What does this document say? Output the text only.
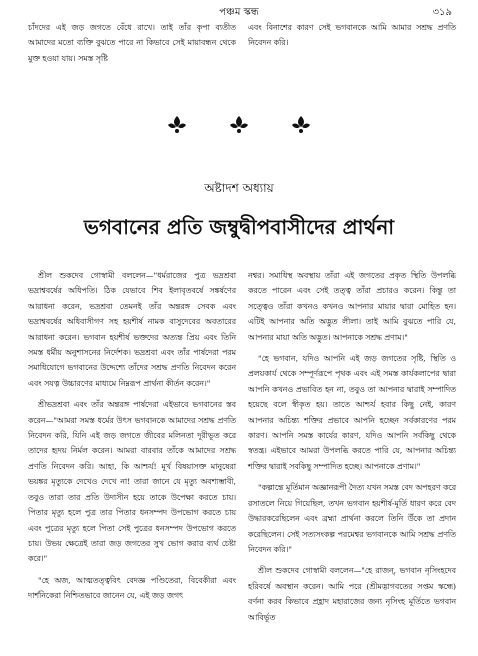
পঞ্চম স্কন্ধ	৩১৯

চাঁদদের এই জড় জগতে বেঁধে রাখে। তাই তাঁর কৃপা ব্যতীত আমাদের মতো ব্যক্তি বুঝতে পারে না কিভাবে সেই মায়াবন্ধন থেকে মুক্ত হওয়া যায়। সমস্ত সৃষ্টি

এবং বিনাশের কারণ সেই ভগবানকে আমি আমার সশ্রদ্ধ প্রণতি নিবেদন করি।

অষ্টাদশ অধ্যায়
ভগবানের প্রতি জম্বুদ্বীপবাসীদের প্রার্থনা

শ্রীল শুকদেব গোস্বামী বললেন—"ধর্মরাজের পুত্র ভদ্রশ্রবা ভদ্রাশ্ববর্ষের অধিপতি। ঠিক যেভাবে শিব ইলাবৃতবর্ষে সঙ্কর্ষণের আরাধনা করেন, ভদ্রশ্রবা তেমনই তাঁর অন্তরঙ্গ সেবক এবং ভদ্রাশ্ববর্ষের অধিবাসীগণ সহ হয়শীর্ষ নামক বাসুদেবের অবতারের আরাধনা করেন। ভগবান হয়শীর্ষ ভক্তদের অত্যন্ত প্রিয় এবং তিনি সমস্ত ধর্মীয় অনুশাসনের নির্দেশক। ভদ্রশ্রবা এবং তাঁর পার্ষদেরা পরম সমাধিযোগে ভগবানের উদ্দেশ্যে তাঁদের সশ্রদ্ধ প্রণতি নিবেদন করেন এবং সযত্ন উচ্চারণের মাধ্যমে নিম্নরূপ প্রার্থনা কীর্তন করেন।"

শ্রীভদ্রশ্রবা এবং তাঁর অন্তরঙ্গ পার্ষদেরা এইভাবে ভগবানের স্তব করেন—"আমরা সমস্ত ধর্মের উৎস ভগবানকে আমাদের সশ্রদ্ধ প্রণতি নিবেদন করি, যিনি এই জড় জগতে জীবের মলিনতা দূরীভূত করে তাদের হৃদয় নির্মল করেন। আমরা বারবার তাঁকে আমাদের সশ্রদ্ধ প্রণতি নিবেদন করি। আহা, কি আশ্চর্য! মূর্খ বিষয়াসক্ত মানুষেরা ভয়ঙ্কর মৃত্যুকে দেখেও দেখে না! তারা জানে যে মৃত্যু অবশ্যম্ভাবী, তবুও তারা তার প্রতি উদাসীন হয়ে তাকে উপেক্ষা করতে চায়। পিতার মৃত্যু হলে পুত্র তার পিতার ধনসম্পদ উপভোগ করতে চায় এবং পুত্রের মৃত্যু হলে পিতা সেই পুত্রের ধনসম্পদ উপভোগ করতে চায়। উভয় ক্ষেত্রেই তারা জড় জগতের সুখ ভোগ করার ব্যর্থ চেষ্টা করে।"

"হে অজ, আত্মতত্ত্ববিৎ বেদজ্ঞ পণ্ডিতেরা, বিবেকীরা এবং দার্শনিকেরা নিশ্চিতভাবে জানেন যে, এই জড় জগৎ

নশ্বর। সমাধিস্থ অবস্থায় তাঁরা এই জগতের প্রকৃত স্থিতি উপলব্ধি করতে পারেন এবং সেই তত্ত্ব তাঁরা প্রচারও করেন। কিন্তু তা সত্ত্বেও তাঁরা কখনও কখনও আপনার মায়ার দ্বারা মোহিত হন। এটিই আপনার অতি অদ্ভুত লীলা। তাই আমি বুঝতে পারি যে, আপনার মায়া অতি অদ্ভুত। আপনাকে সশ্রদ্ধ প্রণাম।"

"হে ভগবান, যদিও আপনি এই জড় জগতের সৃষ্টি, স্থিতি ও প্রলয়কার্য থেকে সম্পূর্ণরূপে পৃথক এবং এই সমস্ত কার্যকলাপের দ্বারা আপনি কখনও প্রভাবিত হন না, তবুও তা আপনার দ্বারাই সম্পাদিত হয়েছে বলে স্বীকৃত হয়। তাতে আশ্চর্য হবার কিছু নেই, কারণ আপনার অচিন্ত্য শক্তির প্রভাবে আপনি হচ্ছেন সর্বকারণের পরম কারণ। আপনি সমস্ত কার্যের কারণ, যদিও আপনি সর্বকিছু থেকে স্বতন্ত্র। এইভাবে আমরা উপলব্ধি করতে পারি যে, আপনার অচিন্ত্য শক্তির দ্বারাই সবকিছু সম্পাদিত হচ্ছে। আপনাকে প্রণাম।"

"কল্পান্তে মূর্তিমান অজ্ঞানরূপী দৈত্য যখন সমস্ত বেদ অপহরণ করে রসাতলে নিয়ে গিয়েছিল, তখন ভগবান হয়শীর্ষ-মূর্তি ধারণ করে বেদ উদ্ধারকরেছিলেন এবং ব্রহ্মা প্রার্থনা করলে তিনি উঁকে তা প্রদান করেছিলেন। সেই সত্যসংকল্প পরমেশ্বর ভগবানকে আমি সশ্রদ্ধ প্রণতি নিবেদন করি।"

শ্রীল শুকদেব গোস্বামী বললেন—"হে রাজন্, ভগবান নৃসিংহদেব হরিবর্ষে অবস্থান করেন। আমি পরে (শ্রীমদ্ভাগবতের সপ্তম স্কন্ধে) বর্ণনা করব কিভাবে প্রহ্লাদ মহারাজের জন্য নৃসিংহ মূর্তিতে ভগবান আবির্ভূত
